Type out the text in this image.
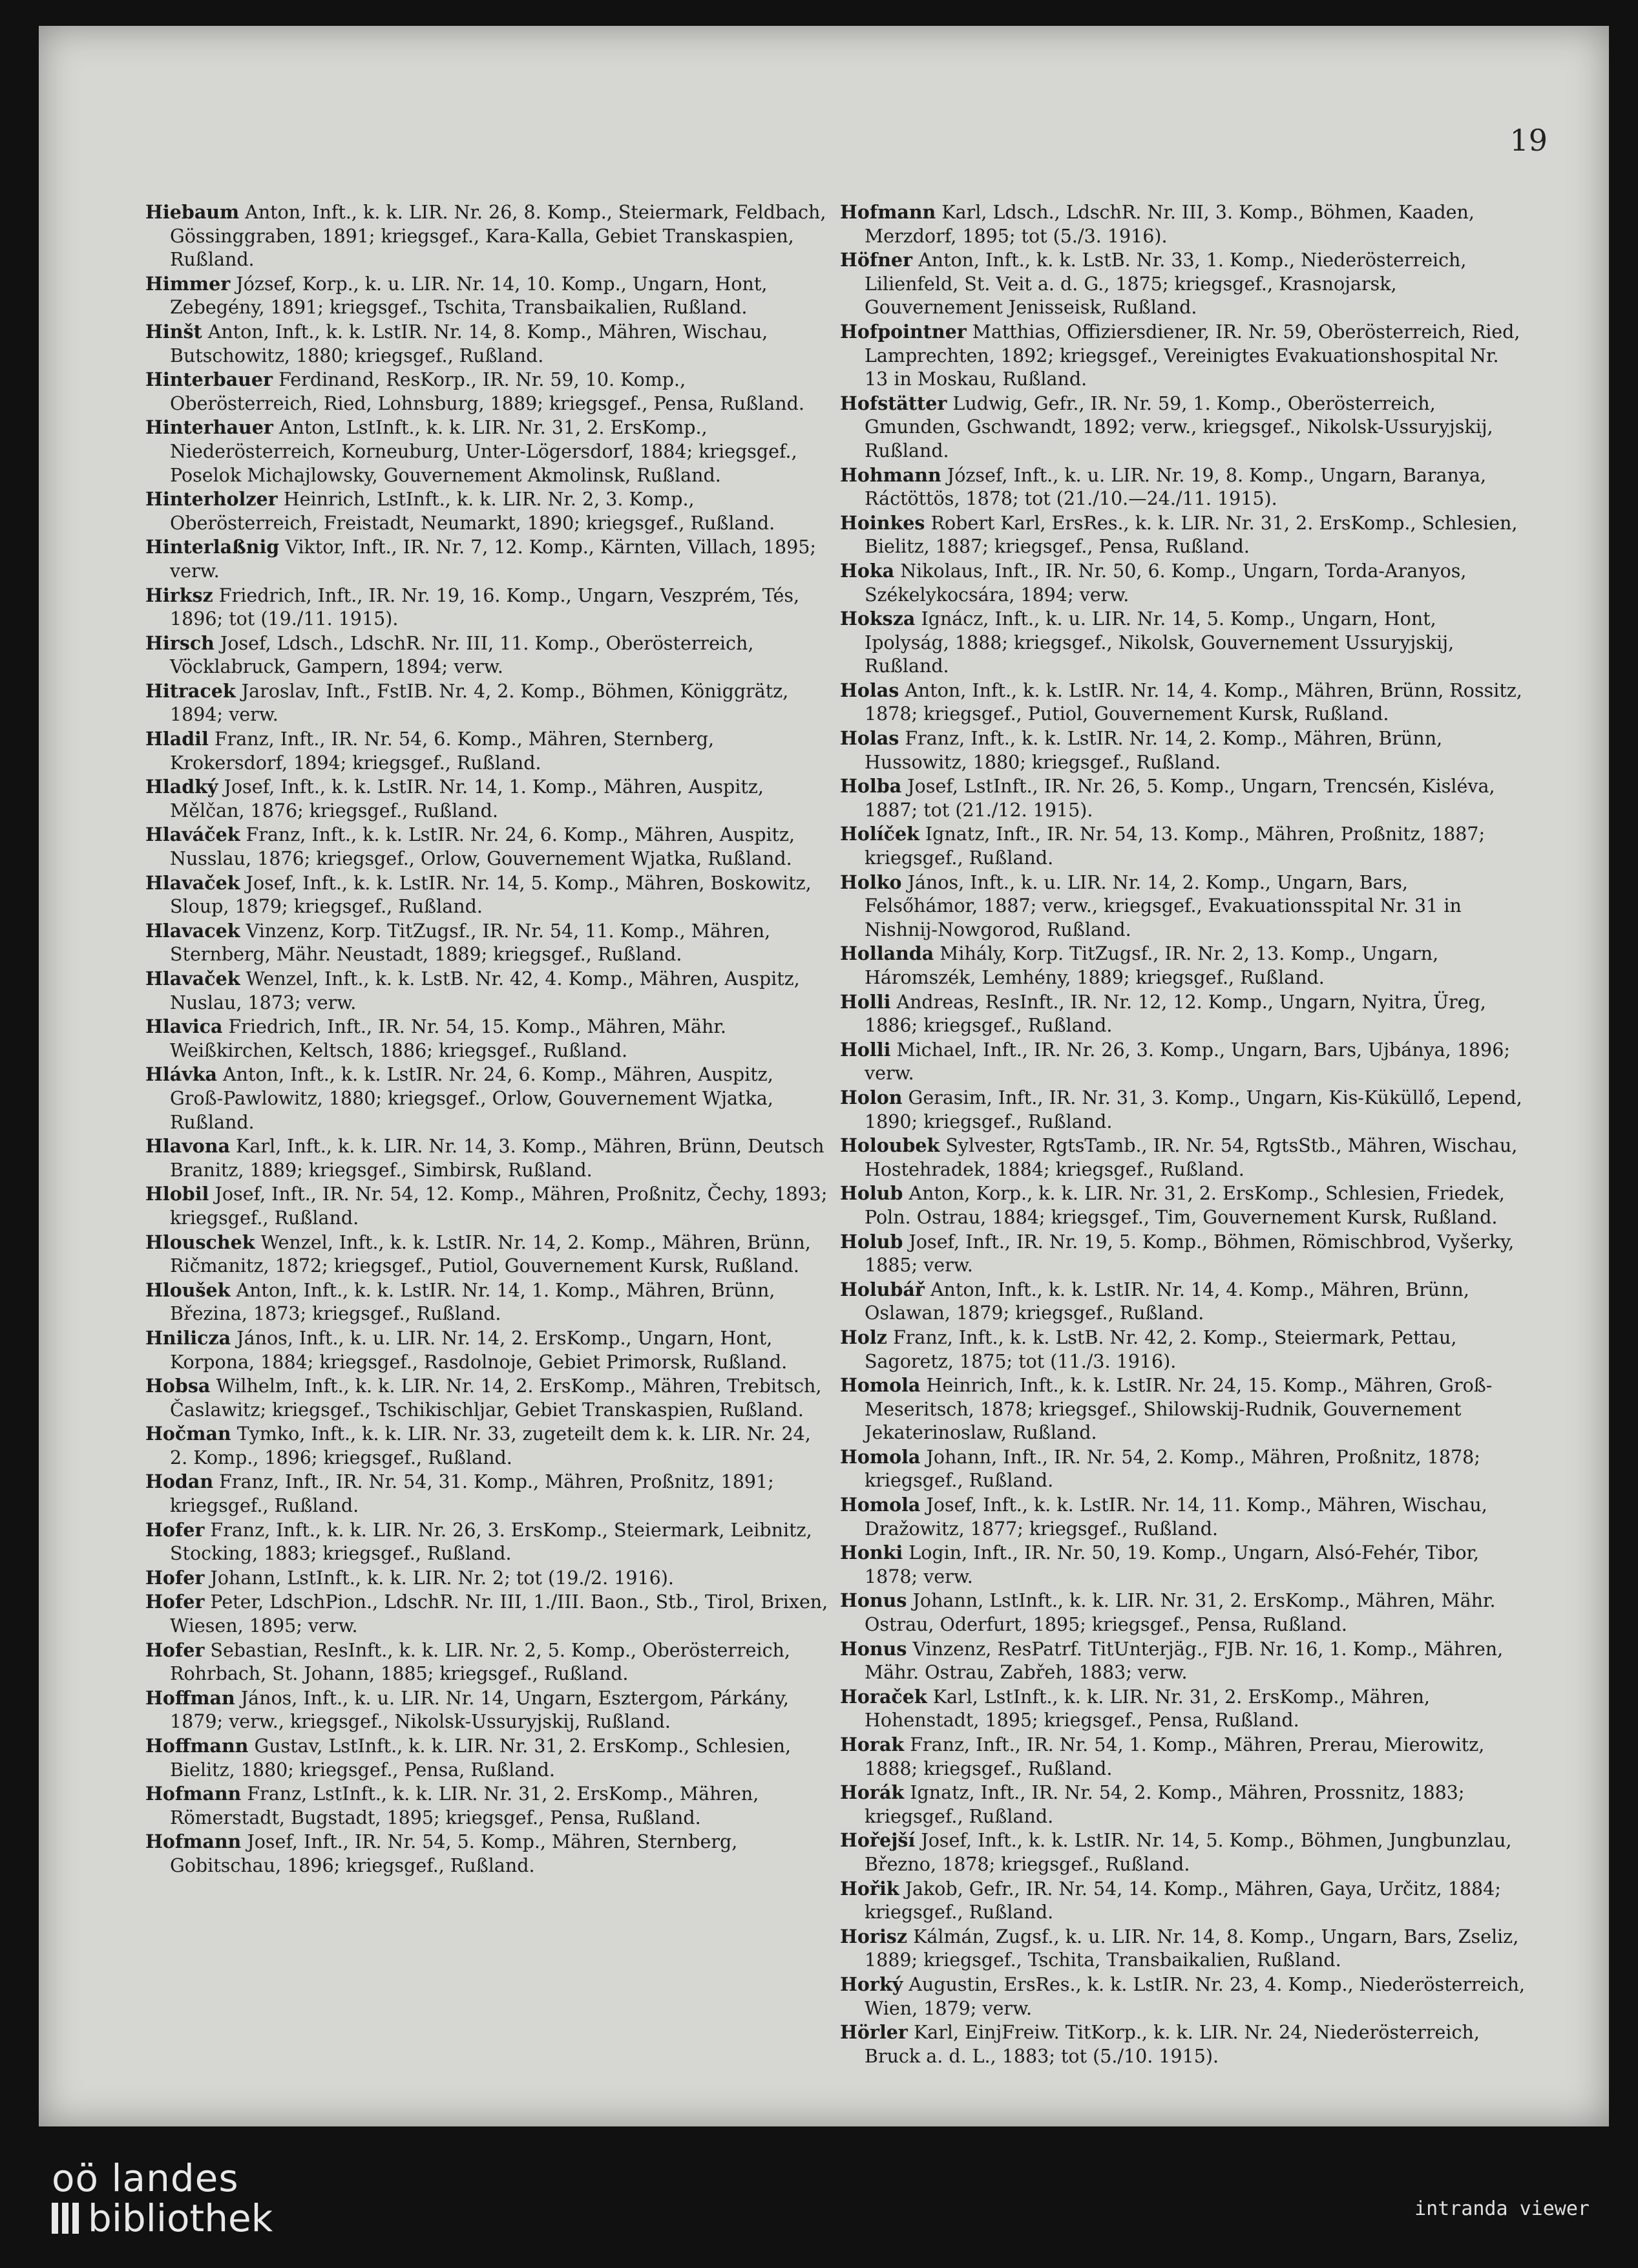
19

Hiebaum Anton, Inft., k. k. LIR. Nr. 26, 8. Komp., Steiermark, Feldbach, Gössinggraben, 1891; kriegsgef., Kara-Kalla, Gebiet Transkaspien, Rußland.

Himmer József, Korp., k. u. LIR. Nr. 14, 10. Komp., Ungarn, Hont, Zebegény, 1891; kriegsgef., Tschita, Transbaikalien, Rußland.

Hinšt Anton, Inft., k. k. LstIR. Nr. 14, 8. Komp., Mähren, Wischau, Butschowitz, 1880; kriegsgef., Rußland.

Hinterbauer Ferdinand, ResKorp., IR. Nr. 59, 10. Komp., Oberösterreich, Ried, Lohnsburg, 1889; kriegsgef., Pensa, Rußland.

Hinterhauer Anton, LstInft., k. k. LIR. Nr. 31, 2. ErsKomp., Niederösterreich, Korneuburg, Unter-Lögersdorf, 1884; kriegsgef., Poselok Michajlowsky, Gouvernement Akmolinsk, Rußland.

Hinterholzer Heinrich, LstInft., k. k. LIR. Nr. 2, 3. Komp., Oberösterreich, Freistadt, Neumarkt, 1890; kriegsgef., Rußland.

Hinterlaßnig Viktor, Inft., IR. Nr. 7, 12. Komp., Kärnten, Villach, 1895; verw.

Hirksz Friedrich, Inft., IR. Nr. 19, 16. Komp., Ungarn, Veszprém, Tés, 1896; tot (19./11. 1915).

Hirsch Josef, Ldsch., LdschR. Nr. III, 11. Komp., Oberösterreich, Vöcklabruck, Gampern, 1894; verw.

Hitracek Jaroslav, Inft., FstIB. Nr. 4, 2. Komp., Böhmen, Königgrätz, 1894; verw.

Hladil Franz, Inft., IR. Nr. 54, 6. Komp., Mähren, Sternberg, Krokersdorf, 1894; kriegsgef., Rußland.

Hladký Josef, Inft., k. k. LstIR. Nr. 14, 1. Komp., Mähren, Auspitz, Mělčan, 1876; kriegsgef., Rußland.

Hlaváček Franz, Inft., k. k. LstIR. Nr. 24, 6. Komp., Mähren, Auspitz, Nusslau, 1876; kriegsgef., Orlow, Gouvernement Wjatka, Rußland.

Hlavaček Josef, Inft., k. k. LstIR. Nr. 14, 5. Komp., Mähren, Boskowitz, Sloup, 1879; kriegsgef., Rußland.

Hlavacek Vinzenz, Korp. TitZugsf., IR. Nr. 54, 11. Komp., Mähren, Sternberg, Mähr. Neustadt, 1889; kriegsgef., Rußland.

Hlavaček Wenzel, Inft., k. k. LstB. Nr. 42, 4. Komp., Mähren, Auspitz, Nuslau, 1873; verw.

Hlavica Friedrich, Inft., IR. Nr. 54, 15. Komp., Mähren, Mähr. Weißkirchen, Keltsch, 1886; kriegsgef., Rußland.

Hlávka Anton, Inft., k. k. LstIR. Nr. 24, 6. Komp., Mähren, Auspitz, Groß-Pawlowitz, 1880; kriegsgef., Orlow, Gouvernement Wjatka, Rußland.

Hlavona Karl, Inft., k. k. LIR. Nr. 14, 3. Komp., Mähren, Brünn, Deutsch Branitz, 1889; kriegsgef., Simbirsk, Rußland.

Hlobil Josef, Inft., IR. Nr. 54, 12. Komp., Mähren, Proßnitz, Čechy, 1893; kriegsgef., Rußland.

Hlouschek Wenzel, Inft., k. k. LstIR. Nr. 14, 2. Komp., Mähren, Brünn, Ričmanitz, 1872; kriegsgef., Putiol, Gouvernement Kursk, Rußland.

Hloušek Anton, Inft., k. k. LstIR. Nr. 14, 1. Komp., Mähren, Brünn, Březina, 1873; kriegsgef., Rußland.

Hnilicza János, Inft., k. u. LIR. Nr. 14, 2. ErsKomp., Ungarn, Hont, Korpona, 1884; kriegsgef., Rasdolnoje, Gebiet Primorsk, Rußland.

Hobsa Wilhelm, Inft., k. k. LIR. Nr. 14, 2. ErsKomp., Mähren, Trebitsch, Časlawitz; kriegsgef., Tschikischljar, Gebiet Transkaspien, Rußland.

Hočman Tymko, Inft., k. k. LIR. Nr. 33, zugeteilt dem k. k. LIR. Nr. 24, 2. Komp., 1896; kriegsgef., Rußland.

Hodan Franz, Inft., IR. Nr. 54, 31. Komp., Mähren, Proßnitz, 1891; kriegsgef., Rußland.

Hofer Franz, Inft., k. k. LIR. Nr. 26, 3. ErsKomp., Steiermark, Leibnitz, Stocking, 1883; kriegsgef., Rußland.

Hofer Johann, LstInft., k. k. LIR. Nr. 2; tot (19./2. 1916).

Hofer Peter, LdschPion., LdschR. Nr. III, 1./III. Baon., Stb., Tirol, Brixen, Wiesen, 1895; verw.

Hofer Sebastian, ResInft., k. k. LIR. Nr. 2, 5. Komp., Oberösterreich, Rohrbach, St. Johann, 1885; kriegsgef., Rußland.

Hoffman János, Inft., k. u. LIR. Nr. 14, Ungarn, Esztergom, Párkány, 1879; verw., kriegsgef., Nikolsk-Ussuryjskij, Rußland.

Hoffmann Gustav, LstInft., k. k. LIR. Nr. 31, 2. ErsKomp., Schlesien, Bielitz, 1880; kriegsgef., Pensa, Rußland.

Hofmann Franz, LstInft., k. k. LIR. Nr. 31, 2. ErsKomp., Mähren, Römerstadt, Bugstadt, 1895; kriegsgef., Pensa, Rußland.

Hofmann Josef, Inft., IR. Nr. 54, 5. Komp., Mähren, Sternberg, Gobitschau, 1896; kriegsgef., Rußland.

Hofmann Karl, Ldsch., LdschR. Nr. III, 3. Komp., Böhmen, Kaaden, Merzdorf, 1895; tot (5./3. 1916).

Höfner Anton, Inft., k. k. LstB. Nr. 33, 1. Komp., Niederösterreich, Lilienfeld, St. Veit a. d. G., 1875; kriegsgef., Krasnojarsk, Gouvernement Jenisseisk, Rußland.

Hofpointner Matthias, Offiziersdiener, IR. Nr. 59, Oberösterreich, Ried, Lamprechten, 1892; kriegsgef., Vereinigtes Evakuationshospital Nr. 13 in Moskau, Rußland.

Hofstätter Ludwig, Gefr., IR. Nr. 59, 1. Komp., Oberösterreich, Gmunden, Gschwandt, 1892; verw., kriegsgef., Nikolsk-Ussuryjskij, Rußland.

Hohmann József, Inft., k. u. LIR. Nr. 19, 8. Komp., Ungarn, Baranya, Ráctöttös, 1878; tot (21./10.—24./11. 1915).

Hoinkes Robert Karl, ErsRes., k. k. LIR. Nr. 31, 2. ErsKomp., Schlesien, Bielitz, 1887; kriegsgef., Pensa, Rußland.

Hoka Nikolaus, Inft., IR. Nr. 50, 6. Komp., Ungarn, Torda-Aranyos, Székelykocsára, 1894; verw.

Hoksza Ignácz, Inft., k. u. LIR. Nr. 14, 5. Komp., Ungarn, Hont, Ipolyság, 1888; kriegsgef., Nikolsk, Gouvernement Ussuryjskij, Rußland.

Holas Anton, Inft., k. k. LstIR. Nr. 14, 4. Komp., Mähren, Brünn, Rossitz, 1878; kriegsgef., Putiol, Gouvernement Kursk, Rußland.

Holas Franz, Inft., k. k. LstIR. Nr. 14, 2. Komp., Mähren, Brünn, Hussowitz, 1880; kriegsgef., Rußland.

Holba Josef, LstInft., IR. Nr. 26, 5. Komp., Ungarn, Trencsén, Kisléva, 1887; tot (21./12. 1915).

Holíček Ignatz, Inft., IR. Nr. 54, 13. Komp., Mähren, Proßnitz, 1887; kriegsgef., Rußland.

Holko János, Inft., k. u. LIR. Nr. 14, 2. Komp., Ungarn, Bars, Felsőhámor, 1887; verw., kriegsgef., Evakuationsspital Nr. 31 in Nishnij-Nowgorod, Rußland.

Hollanda Mihály, Korp. TitZugsf., IR. Nr. 2, 13. Komp., Ungarn, Háromszék, Lemhény, 1889; kriegsgef., Rußland.

Holli Andreas, ResInft., IR. Nr. 12, 12. Komp., Ungarn, Nyitra, Üreg, 1886; kriegsgef., Rußland.

Holli Michael, Inft., IR. Nr. 26, 3. Komp., Ungarn, Bars, Ujbánya, 1896; verw.

Holon Gerasim, Inft., IR. Nr. 31, 3. Komp., Ungarn, Kis-Küküllő, Lepend, 1890; kriegsgef., Rußland.

Holoubek Sylvester, RgtsTamb., IR. Nr. 54, RgtsStb., Mähren, Wischau, Hostehradek, 1884; kriegsgef., Rußland.

Holub Anton, Korp., k. k. LIR. Nr. 31, 2. ErsKomp., Schlesien, Friedek, Poln. Ostrau, 1884; kriegsgef., Tim, Gouvernement Kursk, Rußland.

Holub Josef, Inft., IR. Nr. 19, 5. Komp., Böhmen, Römischbrod, Vyšerky, 1885; verw.

Holubář Anton, Inft., k. k. LstIR. Nr. 14, 4. Komp., Mähren, Brünn, Oslawan, 1879; kriegsgef., Rußland.

Holz Franz, Inft., k. k. LstB. Nr. 42, 2. Komp., Steiermark, Pettau, Sagoretz, 1875; tot (11./3. 1916).

Homola Heinrich, Inft., k. k. LstIR. Nr. 24, 15. Komp., Mähren, Groß-Meseritsch, 1878; kriegsgef., Shilowskij-Rudnik, Gouvernement Jekaterinoslaw, Rußland.

Homola Johann, Inft., IR. Nr. 54, 2. Komp., Mähren, Proßnitz, 1878; kriegsgef., Rußland.

Homola Josef, Inft., k. k. LstIR. Nr. 14, 11. Komp., Mähren, Wischau, Dražowitz, 1877; kriegsgef., Rußland.

Honki Login, Inft., IR. Nr. 50, 19. Komp., Ungarn, Alsó-Fehér, Tibor, 1878; verw.

Honus Johann, LstInft., k. k. LIR. Nr. 31, 2. ErsKomp., Mähren, Mähr. Ostrau, Oderfurt, 1895; kriegsgef., Pensa, Rußland.

Honus Vinzenz, ResPatrf. TitUnterjäg., FJB. Nr. 16, 1. Komp., Mähren, Mähr. Ostrau, Zabřeh, 1883; verw.

Horaček Karl, LstInft., k. k. LIR. Nr. 31, 2. ErsKomp., Mähren, Hohenstadt, 1895; kriegsgef., Pensa, Rußland.

Horak Franz, Inft., IR. Nr. 54, 1. Komp., Mähren, Prerau, Mierowitz, 1888; kriegsgef., Rußland.

Horák Ignatz, Inft., IR. Nr. 54, 2. Komp., Mähren, Prossnitz, 1883; kriegsgef., Rußland.

Hořejší Josef, Inft., k. k. LstIR. Nr. 14, 5. Komp., Böhmen, Jungbunzlau, Březno, 1878; kriegsgef., Rußland.

Hořik Jakob, Gefr., IR. Nr. 54, 14. Komp., Mähren, Gaya, Určitz, 1884; kriegsgef., Rußland.

Horisz Kálmán, Zugsf., k. u. LIR. Nr. 14, 8. Komp., Ungarn, Bars, Zseliz, 1889; kriegsgef., Tschita, Transbaikalien, Rußland.

Horký Augustin, ErsRes., k. k. LstIR. Nr. 23, 4. Komp., Niederösterreich, Wien, 1879; verw.

Hörler Karl, EinjFreiw. TitKorp., k. k. LIR. Nr. 24, Niederösterreich, Bruck a. d. L., 1883; tot (5./10. 1915).

oö landes
bibliothek	intranda viewer
